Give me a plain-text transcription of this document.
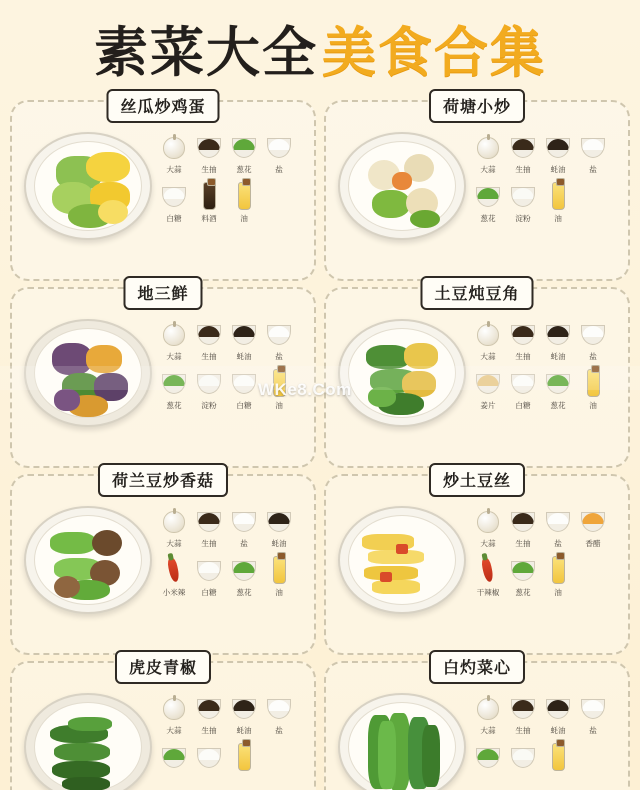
素菜大全 美食合集
丝瓜炒鸡蛋
大蒜 生抽 葱花	盐
白糖 料酒	油
荷塘小炒
大蒜 生抽 蚝油	盐
葱花 淀粉	油
地三鲜
大蒜 生抽 蚝油	盐
葱花 淀粉 白糖	油
土豆炖豆角
大蒜 生抽 蚝油	盐
姜片 白糖 葱花	油
荷兰豆炒香菇
大蒜 生抽	盐	蚝油
小米辣 白糖 葱花	油
炒土豆丝
大蒜 生抽	盐	香醋
干辣椒 葱花	油
虎皮青椒
大蒜 生抽 蚝油	盐
白灼菜心
大蒜 生抽 蚝油	盐
WKe8.Com
